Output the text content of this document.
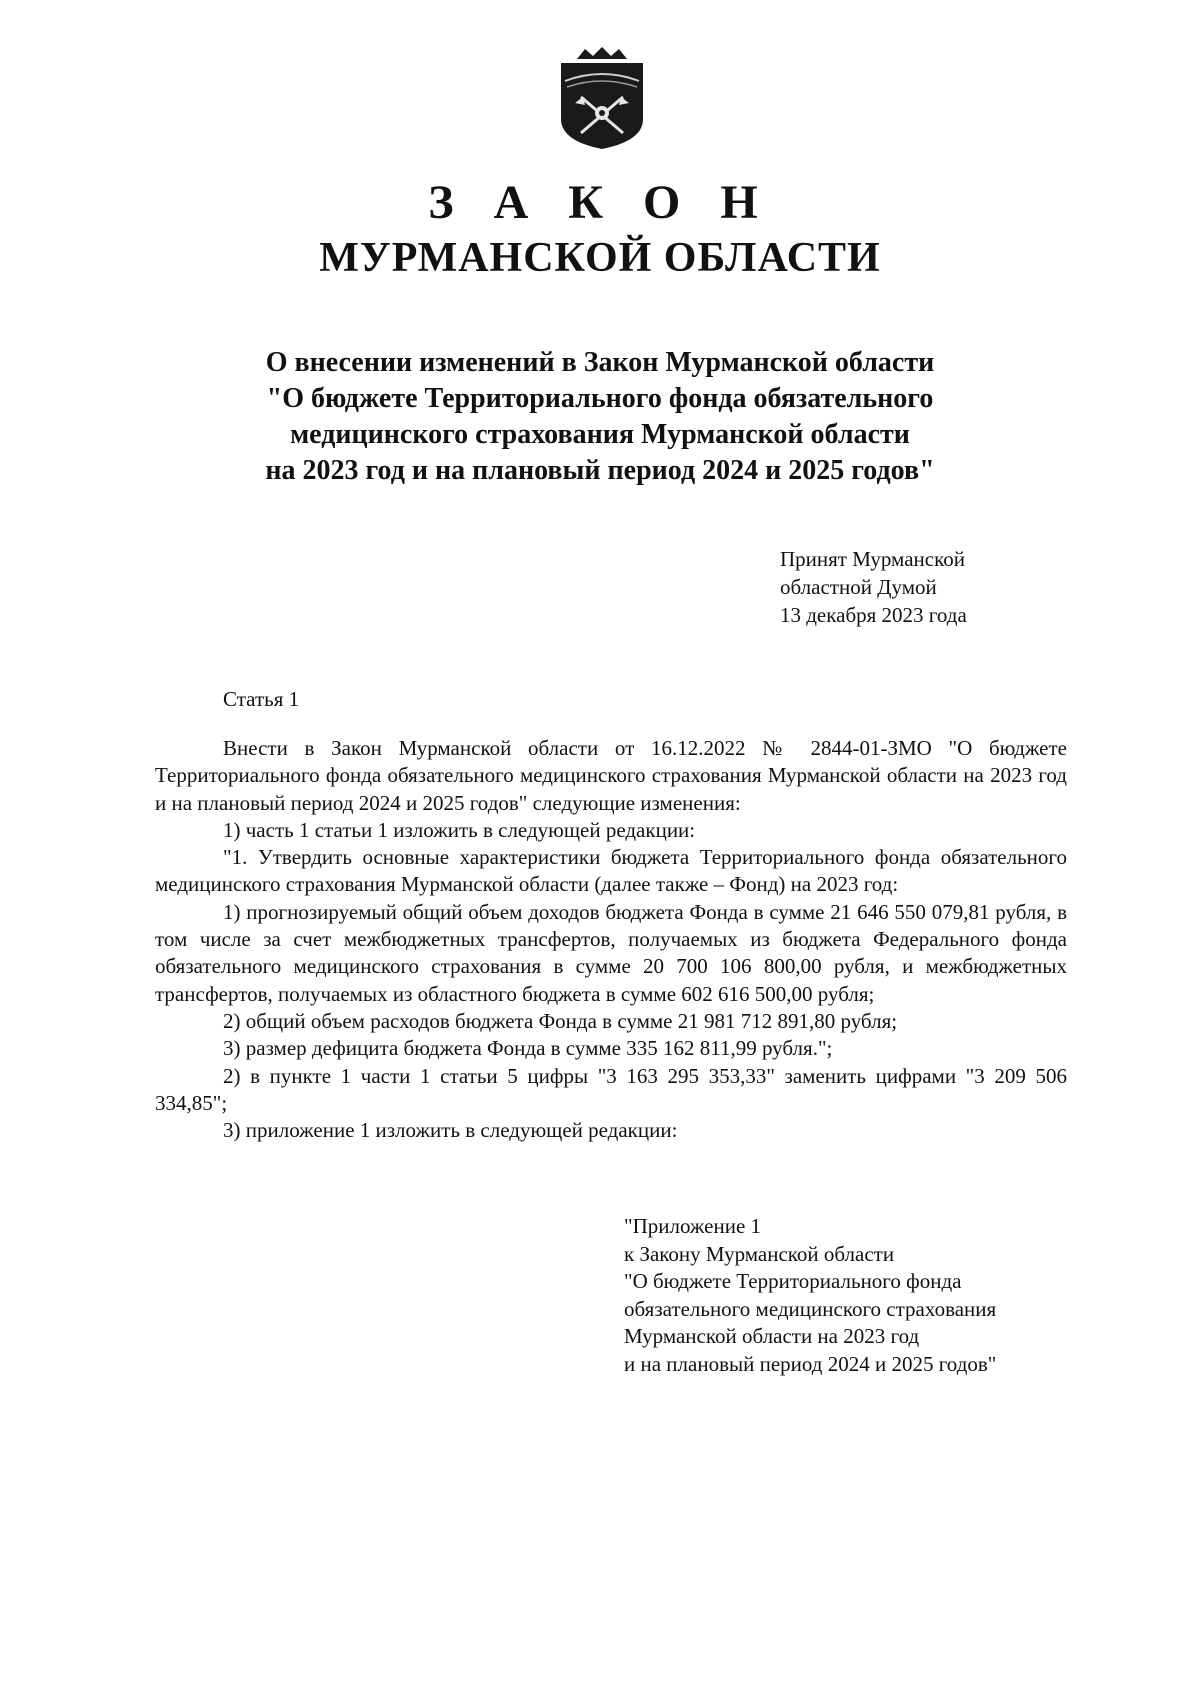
З А К О Н
МУРМАНСКОЙ ОБЛАСТИ
О внесении изменений в Закон Мурманской области
"О бюджете Территориального фонда обязательного
медицинского страхования Мурманской области
на 2023 год и на плановый период 2024 и 2025 годов"
Принят Мурманской
областной Думой
13 декабря 2023 года
Статья 1

Внести в Закон Мурманской области от 16.12.2022 № 2844-01-ЗМО "О бюджете Территориального фонда обязательного медицинского страхования Мурманской области на 2023 год и на плановый период 2024 и 2025 годов" следующие изменения:

1) часть 1 статьи 1 изложить в следующей редакции:

"1. Утвердить основные характеристики бюджета Территориального фонда обязательного медицинского страхования Мурманской области (далее также – Фонд) на 2023 год:

1) прогнозируемый общий объем доходов бюджета Фонда в сумме 21 646 550 079,81 рубля, в том числе за счет межбюджетных трансфертов, получаемых из бюджета Федерального фонда обязательного медицинского страхования в сумме 20 700 106 800,00 рубля, и межбюджетных трансфертов, получаемых из областного бюджета в сумме 602 616 500,00 рубля;

2) общий объем расходов бюджета Фонда в сумме 21 981 712 891,80 рубля;

3) размер дефицита бюджета Фонда в сумме 335 162 811,99 рубля.";

2) в пункте 1 части 1 статьи 5 цифры "3 163 295 353,33" заменить цифрами "3 209 506 334,85";

3) приложение 1 изложить в следующей редакции:

"Приложение 1
к Закону Мурманской области
"О бюджете Территориального фонда
обязательного медицинского страхования
Мурманской области на 2023 год
и на плановый период 2024 и 2025 годов"
